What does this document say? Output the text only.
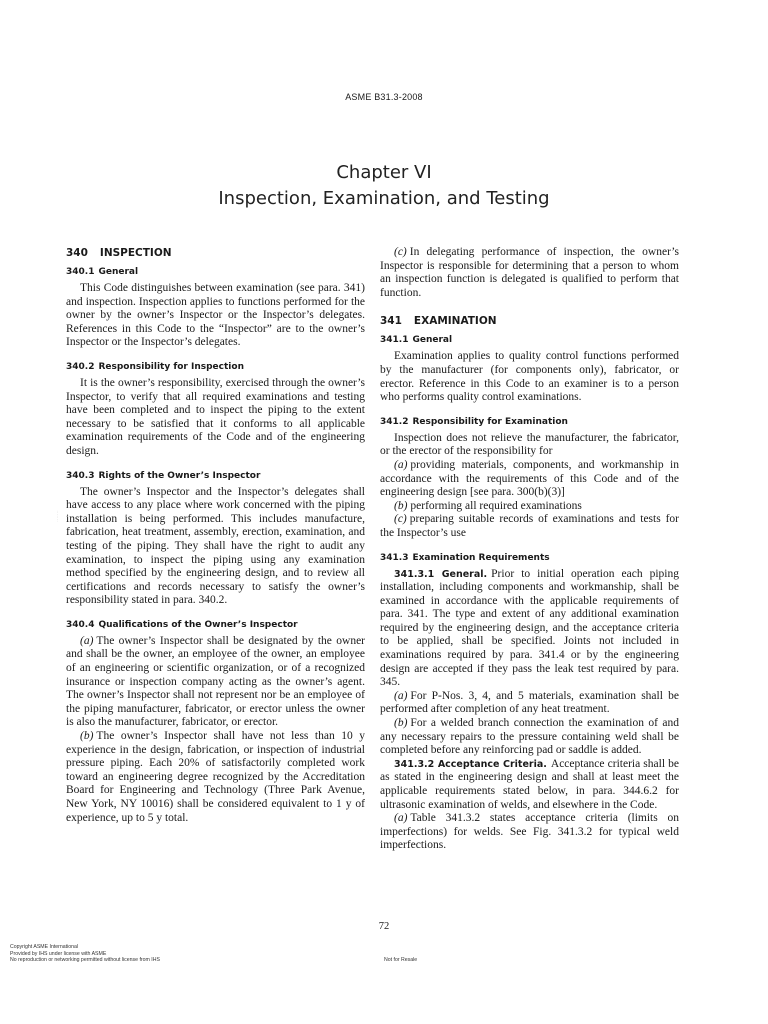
ASME B31.3-2008
Chapter VI
Inspection, Examination, and Testing
·······
340 INSPECTION
340.1 General

This Code distinguishes between examination (see para. 341) and inspection. Inspection applies to functions performed for the owner by the owner’s Inspector or the Inspector’s delegates. References in this Code to the “Inspector” are to the owner’s Inspector or the Inspector’s delegates.

340.2 Responsibility for Inspection

It is the owner’s responsibility, exercised through the owner’s Inspector, to verify that all required examinations and testing have been completed and to inspect the piping to the extent necessary to be satisfied that it conforms to all applicable examination requirements of the Code and of the engineering design.

340.3 Rights of the Owner’s Inspector

The owner’s Inspector and the Inspector’s delegates shall have access to any place where work concerned with the piping installation is being performed. This includes manufacture, fabrication, heat treatment, assembly, erection, examination, and testing of the piping. They shall have the right to audit any examination, to inspect the piping using any examination method specified by the engineering design, and to review all certifications and records necessary to satisfy the owner’s responsibility stated in para. 340.2.

340.4 Qualifications of the Owner’s Inspector

(a) The owner’s Inspector shall be designated by the owner and shall be the owner, an employee of the owner, an employee of an engineering or scientific organization, or of a recognized insurance or inspection company acting as the owner’s agent. The owner’s Inspector shall not represent nor be an employee of the piping manufacturer, fabricator, or erector unless the owner is also the manufacturer, fabricator, or erector.

(b) The owner’s Inspector shall have not less than 10 y experience in the design, fabrication, or inspection of industrial pressure piping. Each 20% of satisfactorily completed work toward an engineering degree recognized by the Accreditation Board for Engineering and Technology (Three Park Avenue, New York, NY 10016) shall be considered equivalent to 1 y of experience, up to 5 y total.

(c) In delegating performance of inspection, the owner’s Inspector is responsible for determining that a person to whom an inspection function is delegated is qualified to perform that function.

341 EXAMINATION
341.1 General

Examination applies to quality control functions performed by the manufacturer (for components only), fabricator, or erector. Reference in this Code to an examiner is to a person who performs quality control examinations.

341.2 Responsibility for Examination

Inspection does not relieve the manufacturer, the fabricator, or the erector of the responsibility for

(a) providing materials, components, and workmanship in accordance with the requirements of this Code and of the engineering design [see para. 300(b)(3)]

(b) performing all required examinations

(c) preparing suitable records of examinations and tests for the Inspector’s use

341.3 Examination Requirements

341.3.1 General. Prior to initial operation each piping installation, including components and workmanship, shall be examined in accordance with the applicable requirements of para. 341. The type and extent of any additional examination required by the engineering design, and the acceptance criteria to be applied, shall be specified. Joints not included in examinations required by para. 341.4 or by the engineering design are accepted if they pass the leak test required by para. 345.

(a) For P-Nos. 3, 4, and 5 materials, examination shall be performed after completion of any heat treatment.

(b) For a welded branch connection the examination of and any necessary repairs to the pressure containing weld shall be completed before any reinforcing pad or saddle is added.

341.3.2 Acceptance Criteria. Acceptance criteria shall be as stated in the engineering design and shall at least meet the applicable requirements stated below, in para. 344.6.2 for ultrasonic examination of welds, and elsewhere in the Code.

(a) Table 341.3.2 states acceptance criteria (limits on imperfections) for welds. See Fig. 341.3.2 for typical weld imperfections.

72
Copyright ASME International
Provided by IHS under license with ASME
No reproduction or networking permitted without license from IHS	Not for Resale
